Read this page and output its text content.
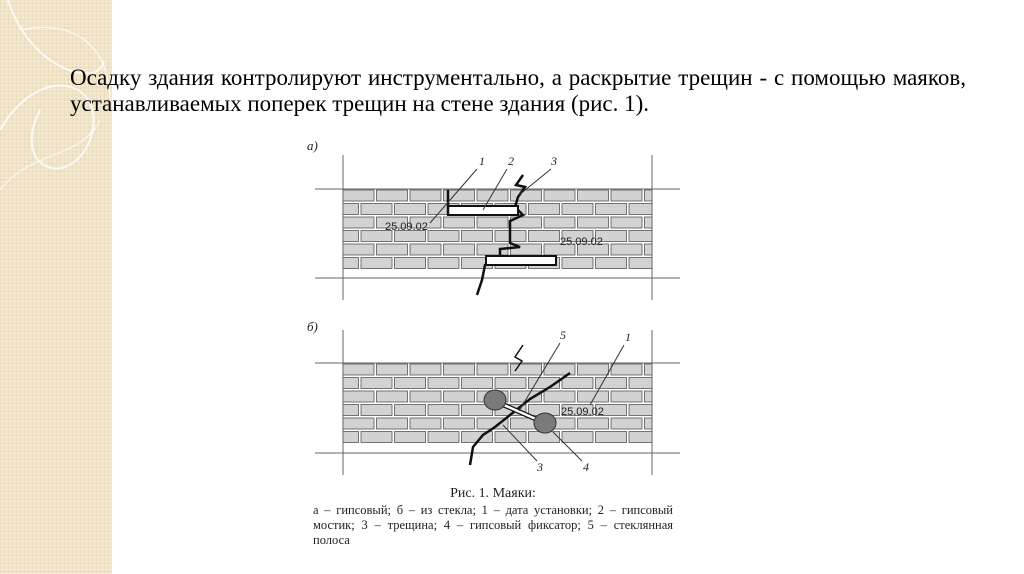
Осадку здания контролируют инструментально, а раскрытие трещин - с помощью маяков, устанавливаемых поперек трещин на стене здания (рис. 1).

а)
25.09.02
25.09.02
1 2	3
б)
25.09.02
5	1
3	4
Рис. 1. Маяки:
а – гипсовый; б – из стекла; 1 – дата установки; 2 – гипсовый мостик; 3 – трещина; 4 – гипсовый фиксатор; 5 – стеклянная полоса
